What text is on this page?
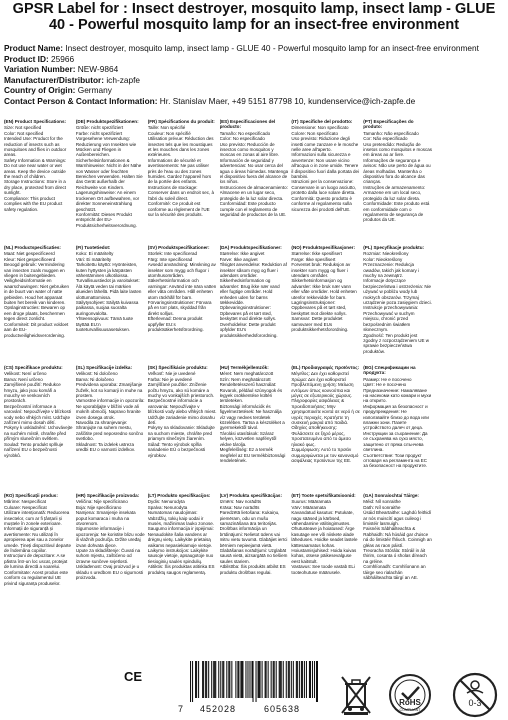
GPSR Label for : Insect destroyer, mosquito lamp, insect lamp - GLUE 40 - Powerful mosquito lamp for an insect-free environment
Product Name: Insect destroyer, mosquito lamp, insect lamp - GLUE 40 - Powerful mosquito lamp for an insect-free environment
Product ID: 25966
Variation Number: NEW-9864
Manufacturer/Distributor: ich-zapfe
Country of Origin: Germany
Contact Person & Contact Information: Hr. Stanislav Maer, +49 5151 87798 10, kundenservice@ich-zapfe.de
(EN) Product Specifications:
Size: Not specified
Color: Not specified
Intended Use: Product for the reduction of insects such as mosquitoes and flies in outdoor areas.
Safety Information & Warnings: Do not use near water or wet areas. Keep the device outside the reach of children.
Storage Instructions: Store in a dry place, protected from direct sunlight.
Compliance: This product complies with the EU product safety regulation.
(DE) Produktspezifikationen:
Größe: nicht spezifiziert
Farbe: nicht spezifiziert
Vorgesehene Verwendung: Reduzierung von Insekten wie Mücken und Fliegen in Außenbereichen.
Sicherheitsinformationen & Warnhinweise: Nicht in der Nähe von Wasser oder feuchten Bereichen verwenden. Halten Sie das Gerät außerhalb der Reichweite von Kindern.
Lagerungshinweise: An einem trockenen Ort aufbewahren, vor direkter Sonneneinstrahlung geschützt.
Konformität: Dieses Produkt entspricht der EU-Produktsicherheitsverordnung.
(FR) Spécifications du produit:
Taille: Non spécifié
Couleur: Non spécifié
Utilisation prévue: Réduction des insectes tels que les moustiques et les mouches dans les zones extérieures.
Informations de sécurité et avertissements: Ne pas utiliser près de l'eau ou des zones humides. Gardez l'appareil hors de la portée des enfants.
Instructions de stockage: Conserver dans un endroit sec, à l'abri du soleil direct.
Conformité: Ce produit est conforme au règlement de l'UE sur la sécurité des produits.
(ES) Especificaciones del producto:
Tamaño: No especificado
Color: No especificado
Uso previsto: Reducción de insectos como mosquitos y moscas en zonas al aire libre.
Información de seguridad y advertencias: No usar cerca del agua o áreas húmedas. Mantenga el dispositivo fuera del alcance de los niños.
Instrucciones de almacenamiento: Almacene en un lugar seco, protegido de la luz solar directa.
Conformidad: Este producto cumple con el reglamento de seguridad de productos de la UE.
(IT) Specifiche del prodotto:
Dimensione: Non specificato
Colore: Non specificato
Uso previsto: Riduzione degli insetti come zanzare e le mosche nelle aree all'aperto.
Informazioni sulla sicurezza e avvertenze: Non usare vicino all'acqua o in zone umide. Tenere il dispositivo fuori dalla portata dei bambini.
Istruzioni per la conservazione: Conservare in un luogo asciutto, protetto dalla luce solare diretta.
Conformità: Questo prodotto è conforme al regolamento sulla sicurezza dei prodotti dell'UE.
(PT) Especificações do produto:
Tamanho: Não especificado
Cor: Não especificado
Uso pretendido: Redução de insetos como mosquitos e moscas em áreas ao ar livre.
Informações de segurança e avisos: Não use perto de água ou áreas molhadas. Mantenha o dispositivo fora do alcance das crianças.
Instruções de armazenamento: Armazene em um local seco, protegido da luz solar direta.
Conformidade: Este produto está em conformidade com o regulamento de segurança de produtos da UE.
(NL) Productspecificaties:
Maat: Niet gespecificeerd
Kleur: Niet gespecificeerd
Beoogd gebruik: Vermindering van insecten zoals muggen en vliegen in buitengebieden.
Veiligheidsinformatie en waarschuwingen: Niet gebruiken in de buurt van water of natte gebieden. Houd het apparaat buiten het bereik van kinderen.
Opslaginstructies: Bewaren op een droge plaats, beschermen tegen direct zonlicht.
Conformiteit: Dit product voldoet aan de EU-productveiligheidsverordening.
(FI) Tuotetiedot:
Koko: Ei määritelty
Väri: Ei määritelty
Tarkoitettu käyttö: Hyönteisten, kuten hyttysten ja kärpästen vähentäminen ulkotiloissa.
Turvallisuustiedot ja varoitukset: Älä käytä veden tai märkien alueiden lähellä. Pidä laite lasten ulottumattomissa.
Säilytysohjeet: Säilytä kuivassa paikassa, suojaa suoralta auringonvalolta.
Yhteensopivuus: Tämä tuote täyttää EU:n tuoteturvallisuusasetuksen.
(SV) Produktspecifikationer:
Storlek: Inte specificerad
Färg: Inte specificerad
Avsedd användning: Minskning av insekter som mygg och flugor i utomhusområden.
Säkerhetsinformation och varningar: Använd inte nära vatten eller våta områden. Håll enheten utom räckhåll för barn.
Förvaringsinstruktioner: Förvara på en torr plats, skyddad från direkt solljus.
Efterlevnad: Denna produkt uppfyller EU:s produktsäkerhetsförordning.
(DA) Produktspecifikationer:
Størrelse: Ikke angivet
Farve: Ikke angivet
Tilsigtet anvendelse: Reduktion af insekter såsom myg og fluer i udendørs områder.
Sikkerhedsinformation og advarsler: Brug ikke nær vand eller fugtige områder. Hold enheden uden for børns rækkevidde.
Opbevaringsinstruktioner: Opbevares på et tørt sted, beskyttet mod direkte sollys.
Overholdelse: Dette produkt opfylder EU's produktsikkerhedsforordning.
(NO) Produktspesifikasjoner:
Størrelse: Ikke spesifisert
Farge: Ikke spesifisert
Forventet bruk: Reduksjon av insekter som mygg og fluer i utendørs områder.
Sikkerhetsinformasjon og advarsler: Ikke bruk nær vann eller våte områder. Hold enheten utenfor rekkevidde for barn.
Lagringsinstruksjoner: Oppbevares på et tørt sted, beskyttet mot direkte sollys.
Samsvar: Dette produktet samsvarer med EUs produktsikkerhetsforordning.
(PL) Specyfikacje produktu:
Rozmiar: Nieokreślony
Kolor: Nieokreślony
Przeznaczenie: Redukcja owadów, takich jak komary i muchy na zewnątrz.
Informacje dotyczące bezpieczeństwa i ostrzeżenia: Nie używać w pobliżu wody lub mokrych obszarów. Trzymaj urządzenie poza zasięgiem dzieci.
Instrukcje przechowywania: Przechowywać w suchym miejscu, chronić przed bezpośrednim światłem słonecznym.
Zgodność: Ten produkt jest zgodny z rozporządzeniem UE w sprawie bezpieczeństwa produktów.
(CS) Specifikace produktu:
Velikost: Není určeno
Barva: Není určeno
Zamýšlené použití: Redukce hmyzu, jako jsou komáři a mouchy ve venkovních prostorách.
Bezpečnostní informace a varování: Nepoužívejte v blízkosti vody nebo vlhkých míst. Udržujte zařízení mimo dosah dětí.
Pokyny k uskladnění: Uchovávejte na suchém místě, chraňte před přímým slunečním světlem.
Soulad: Tento produkt splňuje nařízení EU o bezpečnosti výrobků.
(SL) Specifikacije izdelka:
Velikost: Ni določeno
Barva: Ni določeno
Predvidena uporaba: Zmanjšanje žuželk, kot so komarji in muhe na prostem.
Varnostne informacije in opozorila: Ne uporabljajte v bližini vode ali mokrih območij. Napravo hranite izven dosega otrok.
Navodila za shranjevanje: Shranjujte na suhem mestu, zaščitite pred neposredno sončno svetlobo.
Skladnost: Ta izdelek ustreza uredbi EU o varnosti izdelkov.
(SK) Špecifikácie produktu:
Veľkosť: Nie je uvedené
Farba: Nie je uvedené
Zamýšľané použitie: Zníženie počtu hmyzu, ako sú komáre a muchy vo vonkajších priestoroch.
Bezpečnostné informácie a varovania: Nepoužívajte v blízkosti vody alebo vlhkých miest. Udržujte zariadenie mimo dosahu detí.
Pokyny na skladovanie: Skladujte na suchom mieste, chráňte pred priamym slnečným žiarením.
Súlad: Tento výrobok spĺňa nariadenie EÚ o bezpečnosti výrobkov.
(HU) Termékjellemzők:
Méret: Nem meghatározott
Szín: Nem meghatározott
Rendeltetésszerű használat: Rovarok, például szúnyogok és legyek csökkentése kültéri területeken.
Biztonsági információk és figyelmeztetések: Ne használja víz vagy nedves területek közelében. Tartsa a készüléket a gyermekektől távol.
Tárolási utasítások: Száraz helyen, közvetlen napfénytől védve tárolja.
Megfelelőség: Ez a termék megfelel az EU termékbiztonsági rendeletének.
(EL) Προδιαγραφές προϊόντος:
Μέγεθος: Δεν έχει καθοριστεί
Χρώμα: Δεν έχει καθοριστεί
Προβλεπόμενη χρήση: Μείωση εντόμων όπως κουνούπια και μύγες σε εξωτερικούς χώρους.
Πληροφορίες ασφάλειας & προειδοποιήσεις: Μην χρησιμοποιείτε κοντά σε νερό ή σε υγρές περιοχές. Κρατήστε τη συσκευή μακριά από παιδιά.
Οδηγίες αποθήκευσης: Φυλάσσετε σε ξηρό μέρος, προστατευμένο από το άμεσο ηλιακό φως.
Συμμόρφωση: Αυτό το προϊόν συμμορφώνεται με τον κανονισμό ασφάλειας προϊόντων της ΕΕ.
(BG) Спецификации на продукта:
Размер: Не е посочено
Цвят: Не е посочено
Предназначение: Намаляване на насекоми като комари и мухи на открито.
Информация за безопасност и предупреждения: Не използвайте близо до вода или влажни зони. Пазете устройството далеч от деца.
Инструкции за съхранение: Да се съхранява на сухо място, защитено от пряка слънчева светлина.
Съответствие: Този продукт отговаря на регламента на ЕС за безопасност на продуктите.
(RO) Specificații produs:
Mărime: Nespecificat
Culoare: Nespecificat
Utilizare intenționată: Reducerea insectelor, cum ar fi țânțarii și muștele în zonele exterioare.
Informații de siguranță și avertismente: Nu utilizați în apropierea apei sau a zonelor umede. Țineți dispozitivul departe de îndemâna copiilor.
Instrucțiuni de depozitare: A se păstra într-un loc uscat, protejat de lumina directă a soarelui.
Conformitate: Acest produs este conform cu regulamentul UE privind siguranța produselor.
(HR) Specifikacije proizvoda:
Veličina: Nije specificirano
Boja: Nije specificirano
Namjena: Smanjenje insekata poput komaraca i muha na otvorenom.
Sigurnosne informacije i upozorenja: Ne koristite blizu vode ili vlažnih područja. Držite uređaj izvan dohvata djece.
Upute za skladištenje: Čuvati na suhom mjestu, zaštićeno od izravne sunčeve svjetlosti.
Usklađenost: Ovaj proizvod je u skladu s uredbom EU o sigurnosti proizvoda.
(LT) Produkto specifikacijos:
Dydis: Nenurodyta
Spalva: Nenurodyta
Numatomas naudojimas: Vabzdžių, tokių kaip uodai ir musės, mažinimas lauko zonose.
Saugumo informacija ir įspėjimai: Nenaudokite šalia vandens ar drėgnų vietų. Laikykite prietaisą vaikams nepasiekiamoje vietoje.
Laikymo instrukcijos: Laikykite sausoje vietoje, apsaugotoje nuo tiesioginių saulės spindulių.
Atitiktis: Šis produktas atitinka ES produktų saugos reglamentą.
(LV) Produkta specifikācijas:
Izmērs: Nav norādīts
Krāsa: Nav norādīts
Paredzētā lietošana: Kukaiņu, piemēram, odu un mušu samazināšana āra teritorijās.
Drošības informācija un brīdinājumi: Nelietot ūdens vai mitru vietu tuvumā. Glabājiet ierīci bērniem nepieejamā vietā.
Glabāšanas norādījumi: Uzglabāt sausā vietā, aizsargātā no tiešiem saules stariem.
Atbilstība: Šis produkts atbilst ES produktu drošības regulai.
(ET) Toote spetsifikatsioonid:
Suurus: Määramata
Värv: Määramata
Kavandatud kasutus: Putukate, nagu sääsed ja kärbsed, vähendamine välitingimustes.
Ohutusteave ja hoiatused: Ärge kasutage vee või niiskete alade läheduses. Hoidke seadet lastele kättesaamatus kohas.
Hoiustamisjuhised: Hoida kuivas kohas, otsese päikesevalguse eest kaitstult.
Vastavus: See toode vastab ELi tooteohutuse määrusele.
(GA) Sonraíochtaí Táirge:
Méid: Níl sonraithe
Dath: Níl sonraithe
Úsáid Bheartaithe: Laghdú feithidí ar nós muiscítí agus cuileog i limistéir lasmuigh.
Faisnéis Sábháilteachta & Rabhaidh: Ná húsáid gar d'uisce ná do limistéir fhliuch. Coinnigh an gléas as raon páistí.
Treoracha Stórála: Stóráil in áit thirim, cosanta ó sholas díreach na gréine.
Comhlíonadh: Comhlíonann an táirge seo rialachán sábháilteachta táirgí an AE.
7 452028	605638
RoHS
COMPLIANT
0-3
CE
